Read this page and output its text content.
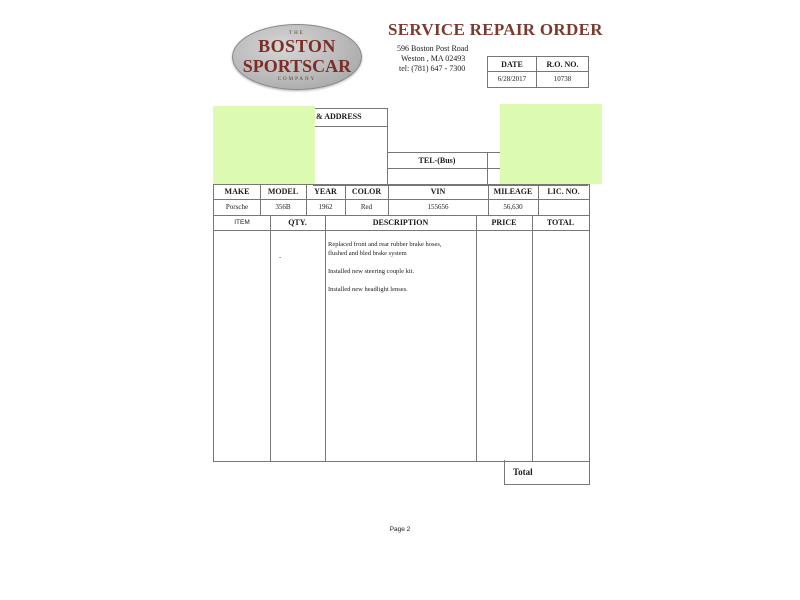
THE
BOSTON
SPORTSCAR
COMPANY
SERVICE REPAIR ORDER
596 Boston Post Road
Weston , MA 02493
tel: (781) 647 - 7300	DATE	R.O. NO.
6/28/2017	10738
& ADDRESS
TEL-(Bus)
MAKE	MODEL	YEAR	COLOR	VIN	MILEAGE	LIC. NO.
Porsche	356B	1962	Red	155656	56,630
ITEM	QTY.	DESCRIPTION	PRICE	TOTAL
-
Replaced front and rear rubber brake hoses,
flushed and bled brake system
Installed new steering couple kit.
Installed new headlight lenses.
Total
Page 2
